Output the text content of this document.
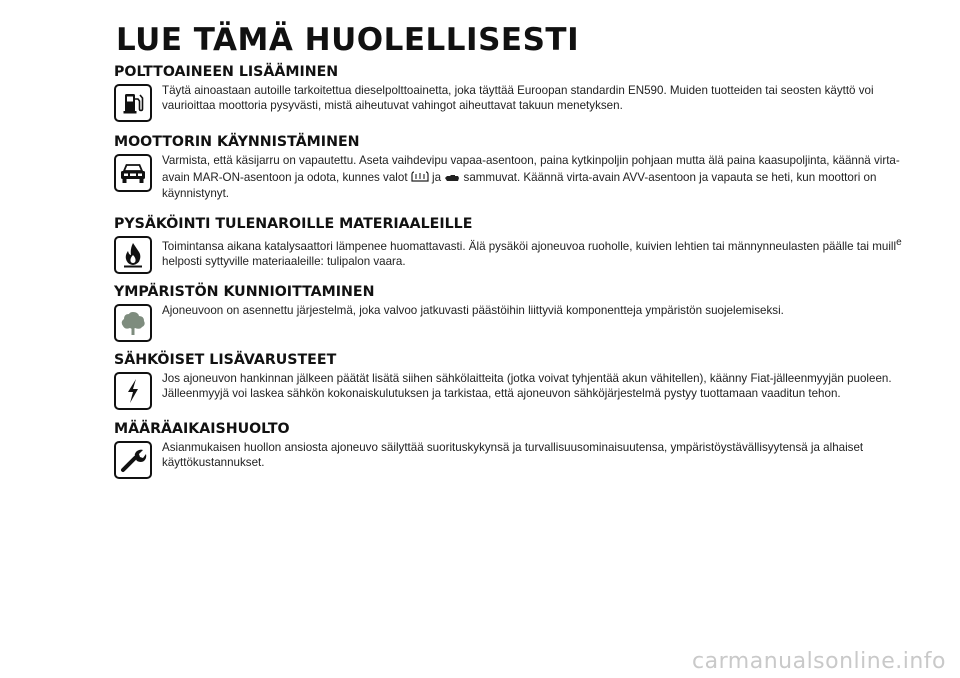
LUE TÄMÄ HUOLELLISESTI
POLTTOAINEEN LISÄÄMINEN
Täytä ainoastaan autoille tarkoitettua dieselpolttoainetta, joka täyttää Euroopan standardin EN590. Muiden tuotteiden tai seosten käyttö voi vaurioittaa moottoria pysyvästi, mistä aiheutuvat vahingot aiheuttavat takuun menetyksen.
MOOTTORIN KÄYNNISTÄMINEN
Varmista, että käsijarru on vapautettu. Aseta vaihdevipu vapaa-asentoon, paina kytkinpoljin pohjaan mutta älä paina kaasupoljinta, käännä virta-avain MAR-ON-asentoon ja odota, kunnes valot ja sammuvat. Käännä virta-avain AVV-asentoon ja vapauta se heti, kun moottori on käynnistynyt.
PYSÄKÖINTI TULENAROILLE MATERIAALEILLE
Toimintansa aikana katalysaattori lämpenee huomattavasti. Älä pysäköi ajoneuvoa ruoholle, kuivien lehtien tai männynneulasten päälle tai muille helposti syttyville materiaaleille: tulipalon vaara.
YMPÄRISTÖN KUNNIOITTAMINEN
Ajoneuvoon on asennettu järjestelmä, joka valvoo jatkuvasti päästöihin liittyviä komponentteja ympäristön suojelemiseksi.
SÄHKÖISET LISÄVARUSTEET
Jos ajoneuvon hankinnan jälkeen päätät lisätä siihen sähkölaitteita (jotka voivat tyhjentää akun vähitellen), käänny Fiat-jälleenmyyjän puoleen. Jälleenmyyjä voi laskea sähkön kokonaiskulutuksen ja tarkistaa, että ajoneuvon sähköjärjestelmä pystyy tuottamaan vaaditun tehon.
MÄÄRÄAIKAISHUOLTO
Asianmukaisen huollon ansiosta ajoneuvo säilyttää suorituskykynsä ja turvallisuusominaisuutensa, ympäristöystävällisyytensä ja alhaiset käyttökustannukset.
carmanualsonline.info
